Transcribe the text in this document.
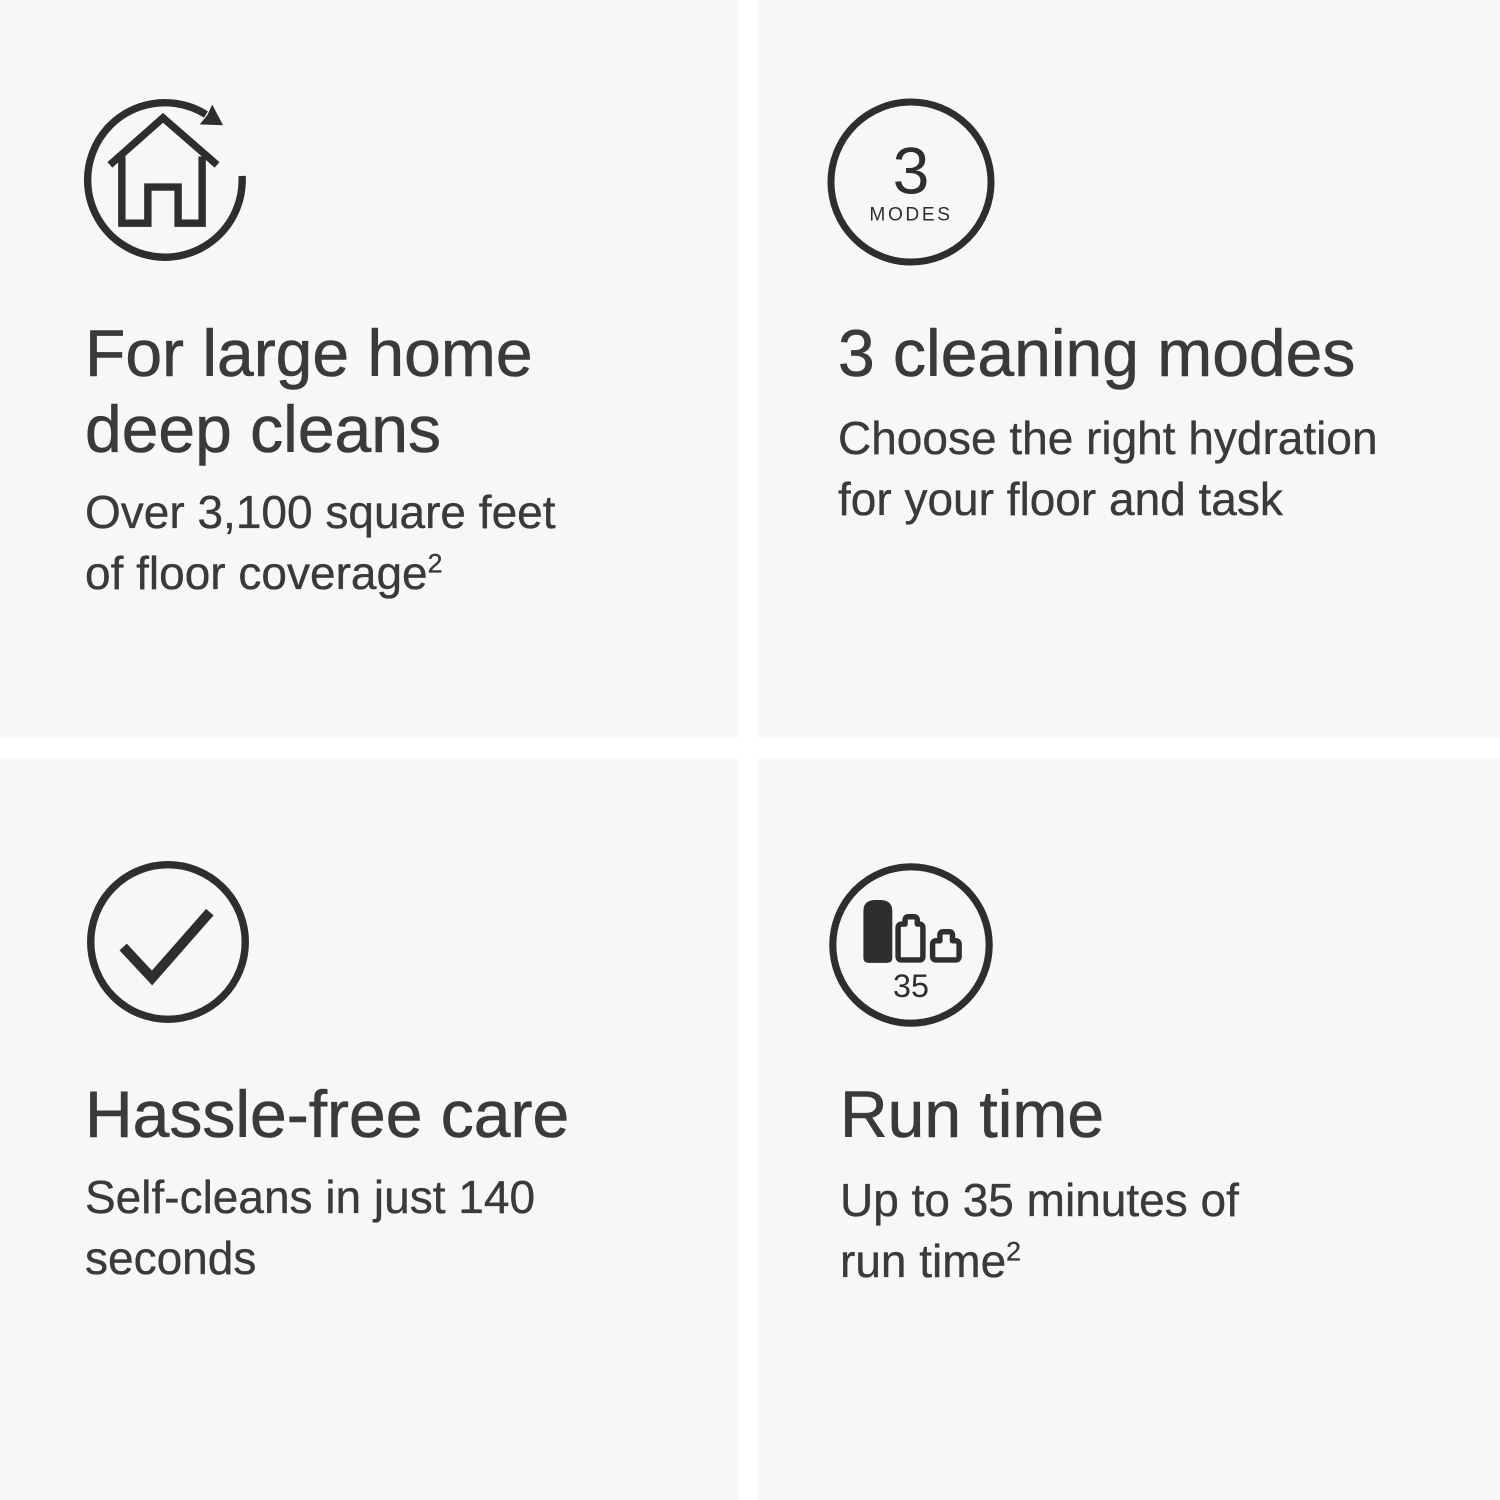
For large home
deep cleans

Over 3,100 square feet
of floor coverage$^2$

3
MODES
3 cleaning modes

Choose the right hydration
for your floor and task

Hassle-free care

Self-cleans in just 140
seconds

35
Run time

Up to 35 minutes of
run time$^2$
